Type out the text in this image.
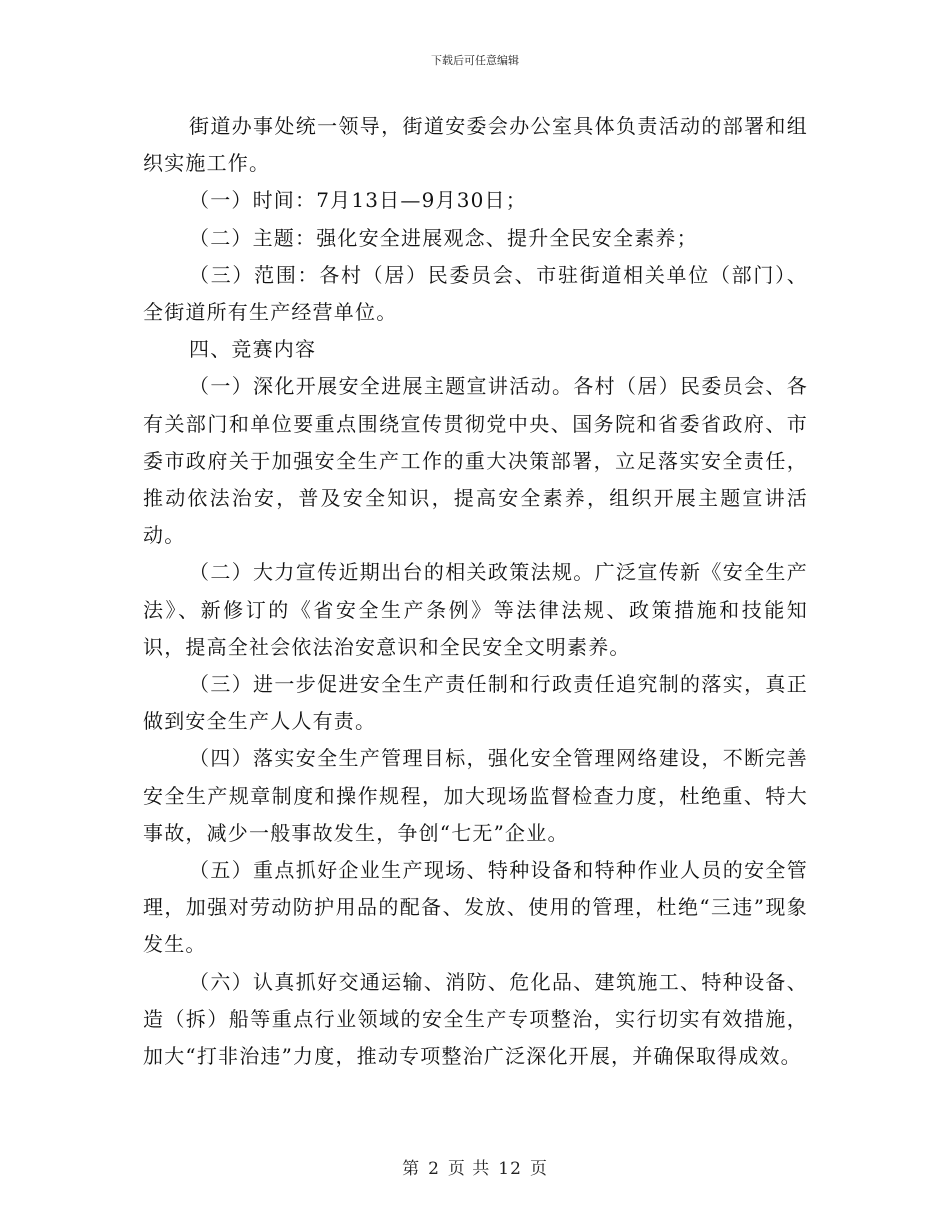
下载后可任意编辑

街道办事处统一领导，街道安委会办公室具体负责活动的部署和组织实施工作。

（一）时间：7月13日—9月30日；

（二）主题：强化安全进展观念、提升全民安全素养；

（三）范围：各村（居）民委员会、市驻街道相关单位（部门）、全街道所有生产经营单位。

四、竞赛内容

（一）深化开展安全进展主题宣讲活动。各村（居）民委员会、各有关部门和单位要重点围绕宣传贯彻党中央、国务院和省委省政府、市委市政府关于加强安全生产工作的重大决策部署，立足落实安全责任，推动依法治安，普及安全知识，提高安全素养，组织开展主题宣讲活动。

（二）大力宣传近期出台的相关政策法规。广泛宣传新《安全生产法》、新修订的《省安全生产条例》等法律法规、政策措施和技能知识，提高全社会依法治安意识和全民安全文明素养。

（三）进一步促进安全生产责任制和行政责任追究制的落实，真正做到安全生产人人有责。

（四）落实安全生产管理目标，强化安全管理网络建设，不断完善安全生产规章制度和操作规程，加大现场监督检查力度，杜绝重、特大事故，减少一般事故发生，争创“七无”企业。

（五）重点抓好企业生产现场、特种设备和特种作业人员的安全管理，加强对劳动防护用品的配备、发放、使用的管理，杜绝“三违”现象发生。

（六）认真抓好交通运输、消防、危化品、建筑施工、特种设备、造（拆）船等重点行业领域的安全生产专项整治，实行切实有效措施，加大“打非治违”力度，推动专项整治广泛深化开展，并确保取得成效。

第 2 页 共 12 页
